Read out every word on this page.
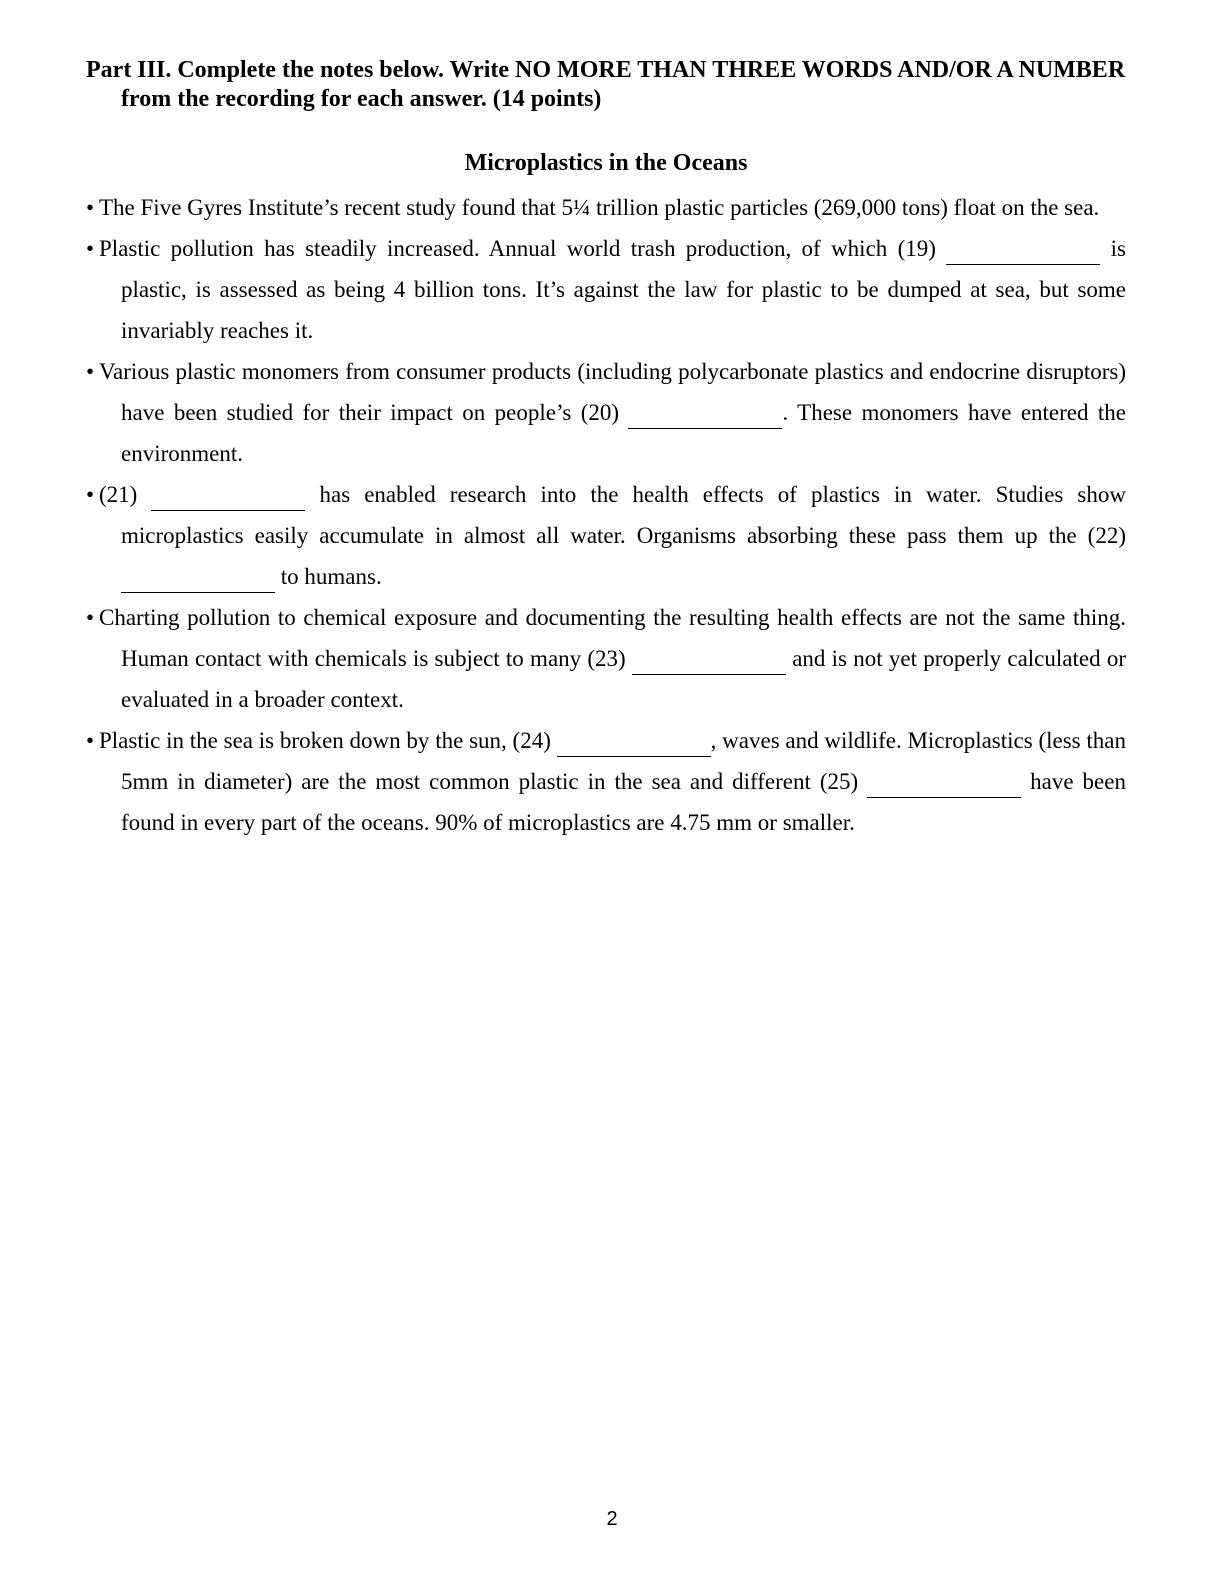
Part III. Complete the notes below. Write NO MORE THAN THREE WORDS AND/OR A NUMBER from the recording for each answer. (14 points)

Microplastics in the Oceans
• The Five Gyres Institute’s recent study found that 5¼ trillion plastic particles (269,000 tons) float on the sea.
• Plastic pollution has steadily increased. Annual world trash production, of which (19)	is plastic, is assessed as being 4 billion tons. It’s against the law for plastic to be dumped at sea, but some invariably reaches it.
• Various plastic monomers from consumer products (including polycarbonate plastics and endocrine disruptors) have been studied for their impact on people’s (20)	. These monomers have entered the environment.
• (21)	has enabled research into the health effects of plastics in water. Studies show microplastics easily accumulate in almost all water. Organisms absorbing these pass them up the (22)  to humans.
• Charting pollution to chemical exposure and documenting the resulting health effects are not the same thing. Human contact with chemicals is subject to many (23)	and is not yet properly calculated or evaluated in a broader context.
• Plastic in the sea is broken down by the sun, (24)	, waves and wildlife. Microplastics (less than 5mm in diameter) are the most common plastic in the sea and different (25)	have been found in every part of the oceans. 90% of microplastics are 4.75 mm or smaller.
2
